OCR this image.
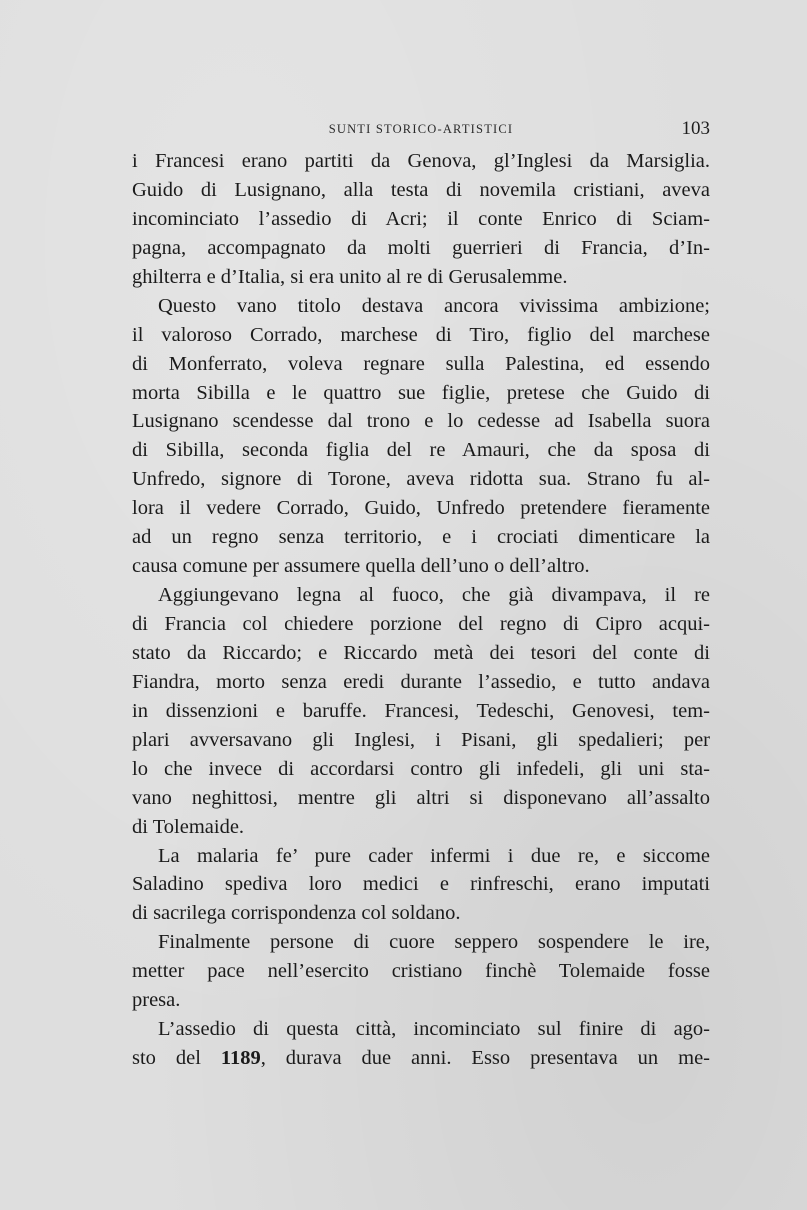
SUNTI STORICO-ARTISTICI	103
i Francesi erano partiti da Genova, gl’Inglesi da Marsiglia.
Guido di Lusignano, alla testa di novemila cristiani, aveva
incominciato l’assedio di Acri; il conte Enrico di Sciam-
pagna, accompagnato da molti guerrieri di Francia, d’In-
ghilterra e d’Italia, si era unito al re di Gerusalemme.
Questo vano titolo destava ancora vivissima ambizione;
il valoroso Corrado, marchese di Tiro, figlio del marchese
di Monferrato, voleva regnare sulla Palestina, ed essendo
morta Sibilla e le quattro sue figlie, pretese che Guido di
Lusignano scendesse dal trono e lo cedesse ad Isabella suora
di Sibilla, seconda figlia del re Amauri, che da sposa di
Unfredo, signore di Torone, aveva ridotta sua. Strano fu al-
lora il vedere Corrado, Guido, Unfredo pretendere fieramente
ad un regno senza territorio, e i crociati dimenticare la
causa comune per assumere quella dell’uno o dell’altro.
Aggiungevano legna al fuoco, che già divampava, il re
di Francia col chiedere porzione del regno di Cipro acqui-
stato da Riccardo; e Riccardo metà dei tesori del conte di
Fiandra, morto senza eredi durante l’assedio, e tutto andava
in dissenzioni e baruffe. Francesi, Tedeschi, Genovesi, tem-
plari avversavano gli Inglesi, i Pisani, gli spedalieri; per
lo che invece di accordarsi contro gli infedeli, gli uni sta-
vano neghittosi, mentre gli altri si disponevano all’assalto
di Tolemaide.
La malaria fe’ pure cader infermi i due re, e siccome
Saladino spediva loro medici e rinfreschi, erano imputati
di sacrilega corrispondenza col soldano.
Finalmente persone di cuore seppero sospendere le ire,
metter pace nell’esercito cristiano finchè Tolemaide fosse
presa.
L’assedio di questa città, incominciato sul finire di ago-
sto del 1189, durava due anni. Esso presentava un me-
